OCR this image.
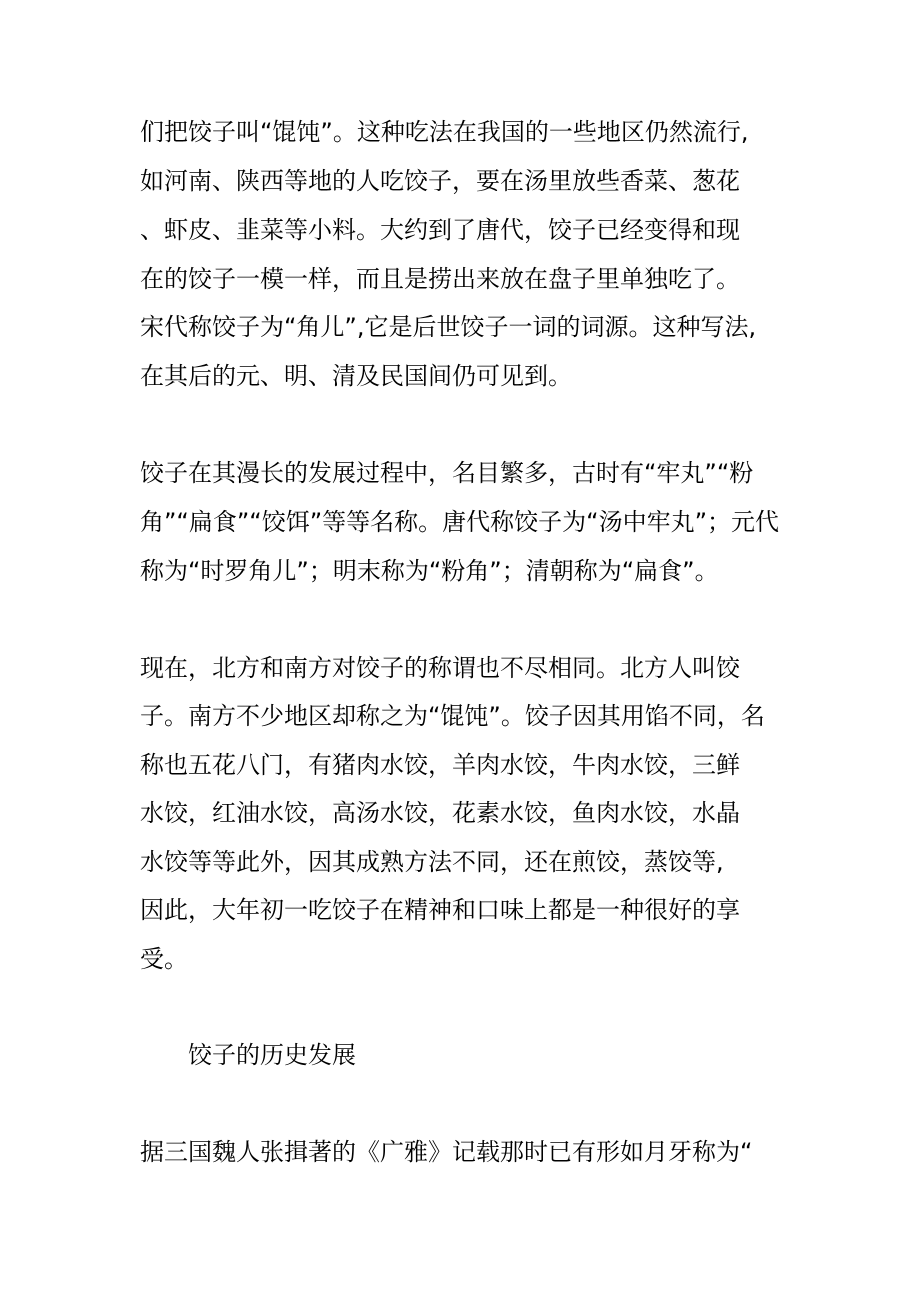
们把饺子叫“馄饨”。这种吃法在我国的一些地区仍然流行,
如河南、陕西等地的人吃饺子，要在汤里放些香菜、葱花
、虾皮、韭菜等小料。大约到了唐代，饺子已经变得和现
在的饺子一模一样，而且是捞出来放在盘子里单独吃了。
宋代称饺子为“角儿”,它是后世饺子一词的词源。这种写法,
在其后的元、明、清及民国间仍可见到。
饺子在其漫长的发展过程中，名目繁多，古时有“牢丸”“粉
角”“扁食”“饺饵”等等名称。唐代称饺子为“汤中牢丸”；元代
称为“时罗角儿”；明末称为“粉角”；清朝称为“扁食”。
现在，北方和南方对饺子的称谓也不尽相同。北方人叫饺
子。南方不少地区却称之为“馄饨”。饺子因其用馅不同，名
称也五花八门，有猪肉水饺，羊肉水饺，牛肉水饺，三鲜
水饺，红油水饺，高汤水饺，花素水饺，鱼肉水饺，水晶
水饺等等此外，因其成熟方法不同，还在煎饺，蒸饺等,
因此，大年初一吃饺子在精神和口味上都是一种很好的享
受。
饺子的历史发展
据三国魏人张揖著的《广雅》记载那时已有形如月牙称为“
